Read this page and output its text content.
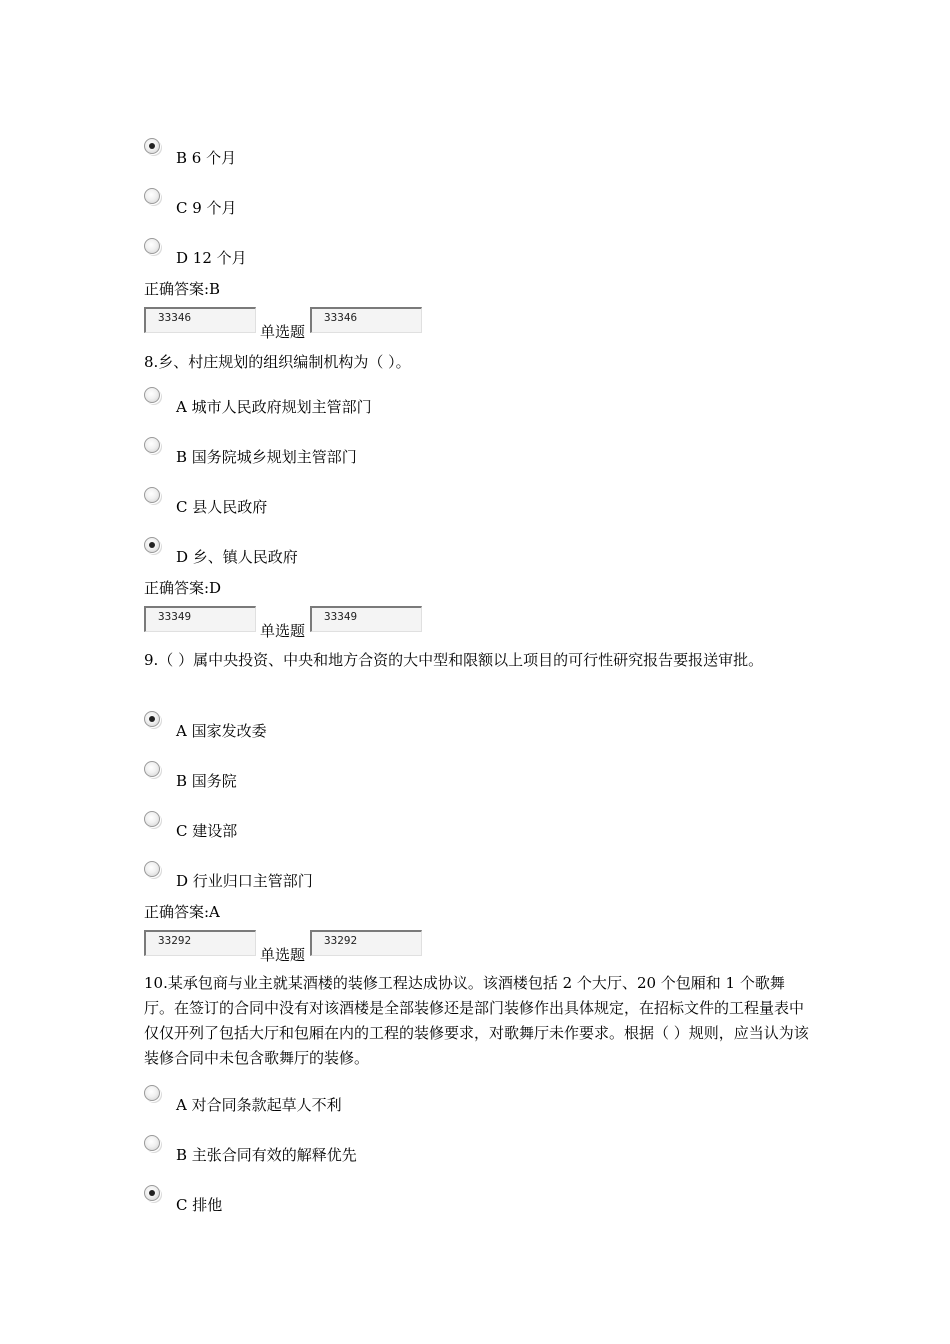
B 6 个月
C 9 个月
D 12 个月
正确答案:B
33346
单选题
33346
8.乡、村庄规划的组织编制机构为（ ）。
A 城市人民政府规划主管部门
B 国务院城乡规划主管部门
C 县人民政府
D 乡、镇人民政府
正确答案:D
33349
单选题
33349
9.（ ）属中央投资、中央和地方合资的大中型和限额以上项目的可行性研究报告要报送审批。
A 国家发改委
B 国务院
C 建设部
D 行业归口主管部门
正确答案:A
33292
单选题
33292
10.某承包商与业主就某酒楼的装修工程达成协议。该酒楼包括 2 个大厅、20 个包厢和 1 个歌舞厅。在签订的合同中没有对该酒楼是全部装修还是部门装修作出具体规定，在招标文件的工程量表中仅仅开列了包括大厅和包厢在内的工程的装修要求，对歌舞厅未作要求。根据（ ）规则，应当认为该装修合同中未包含歌舞厅的装修。
A 对合同条款起草人不利
B 主张合同有效的解释优先
C 排他
